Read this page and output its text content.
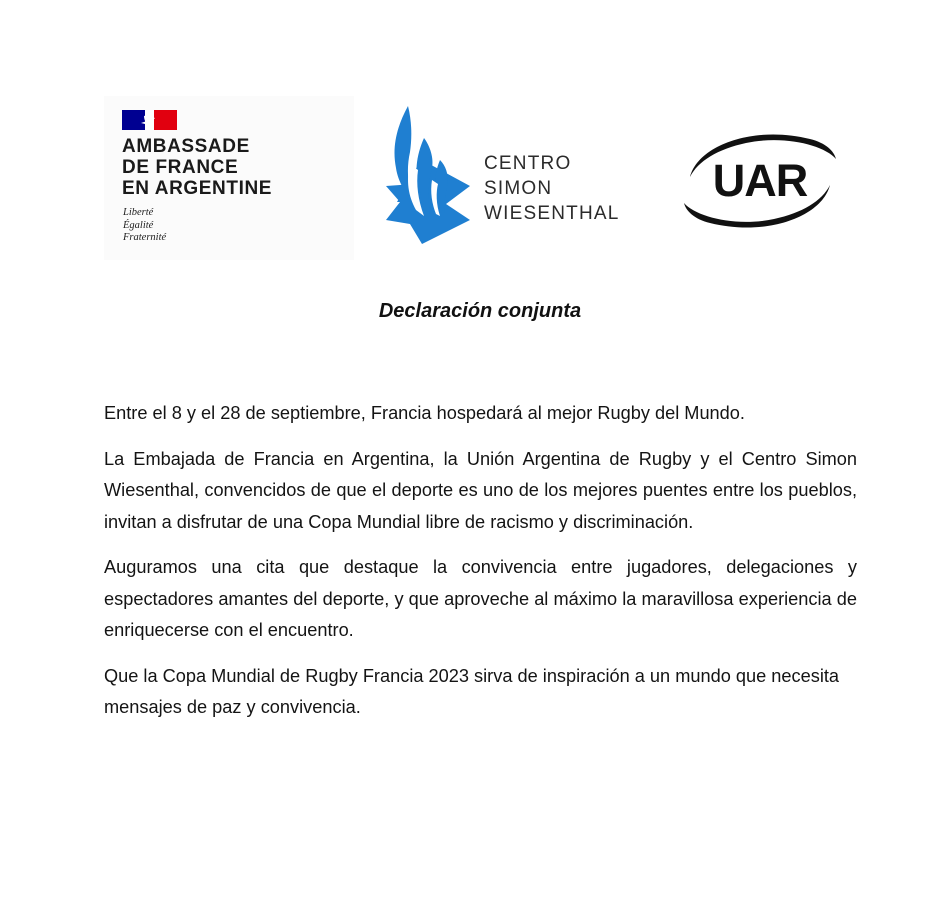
AMBASSADE
DE FRANCE
EN ARGENTINE

Liberté
Égalité
Fraternité
CENTRO
SIMON
WIESENTHAL
UAR
Declaración conjunta

Entre el 8 y el 28 de septiembre, Francia hospedará al mejor Rugby del Mundo.

La Embajada de Francia en Argentina, la Unión Argentina de Rugby y el Centro Simon Wiesenthal, convencidos de que el deporte es uno de los mejores puentes entre los pueblos, invitan a disfrutar de una Copa Mundial libre de racismo y discriminación.

Auguramos una cita que destaque la convivencia entre jugadores, delegaciones y espectadores amantes del deporte, y que aproveche al máximo la maravillosa experiencia de enriquecerse con el encuentro.

Que la Copa Mundial de Rugby Francia 2023 sirva de inspiración a un mundo que necesita mensajes de paz y convivencia.
